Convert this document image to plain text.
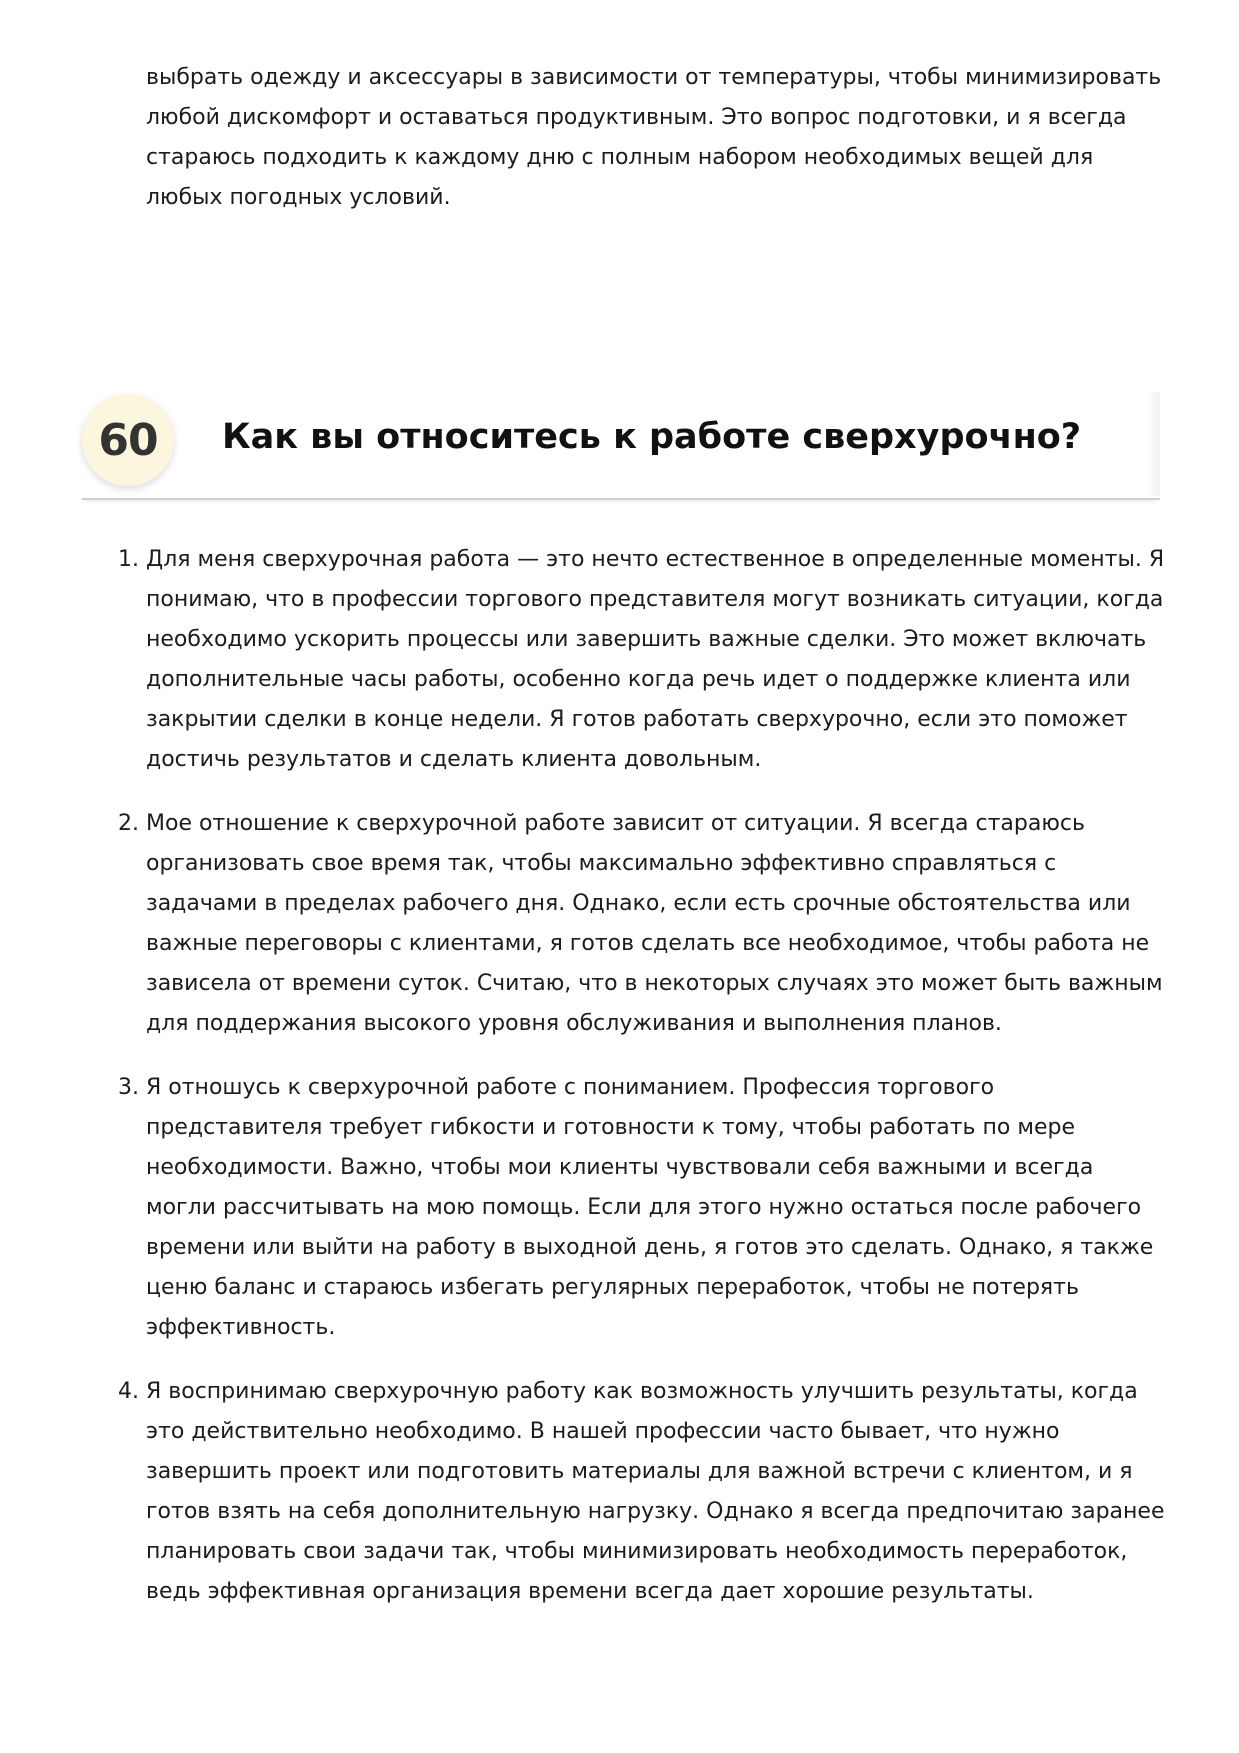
выбрать одежду и аксессуары в зависимости от температуры, чтобы минимизировать любой дискомфорт и оставаться продуктивным. Это вопрос подготовки, и я всегда стараюсь подходить к каждому дню с полным набором необходимых вещей для любых погодных условий.

60	Как вы относитесь к работе сверхурочно?
1. Для меня сверхурочная работа — это нечто естественное в определенные моменты. Я понимаю, что в профессии торгового представителя могут возникать ситуации, когда необходимо ускорить процессы или завершить важные сделки. Это может включать дополнительные часы работы, особенно когда речь идет о поддержке клиента или закрытии сделки в конце недели. Я готов работать сверхурочно, если это поможет достичь результатов и сделать клиента довольным.
2. Мое отношение к сверхурочной работе зависит от ситуации. Я всегда стараюсь организовать свое время так, чтобы максимально эффективно справляться с задачами в пределах рабочего дня. Однако, если есть срочные обстоятельства или важные переговоры с клиентами, я готов сделать все необходимое, чтобы работа не зависела от времени суток. Считаю, что в некоторых случаях это может быть важным для поддержания высокого уровня обслуживания и выполнения планов.
3. Я отношусь к сверхурочной работе с пониманием. Профессия торгового представителя требует гибкости и готовности к тому, чтобы работать по мере необходимости. Важно, чтобы мои клиенты чувствовали себя важными и всегда могли рассчитывать на мою помощь. Если для этого нужно остаться после рабочего времени или выйти на работу в выходной день, я готов это сделать. Однако, я также ценю баланс и стараюсь избегать регулярных переработок, чтобы не потерять эффективность.
4. Я воспринимаю сверхурочную работу как возможность улучшить результаты, когда это действительно необходимо. В нашей профессии часто бывает, что нужно завершить проект или подготовить материалы для важной встречи с клиентом, и я готов взять на себя дополнительную нагрузку. Однако я всегда предпочитаю заранее планировать свои задачи так, чтобы минимизировать необходимость переработок, ведь эффективная организация времени всегда дает хорошие результаты.
